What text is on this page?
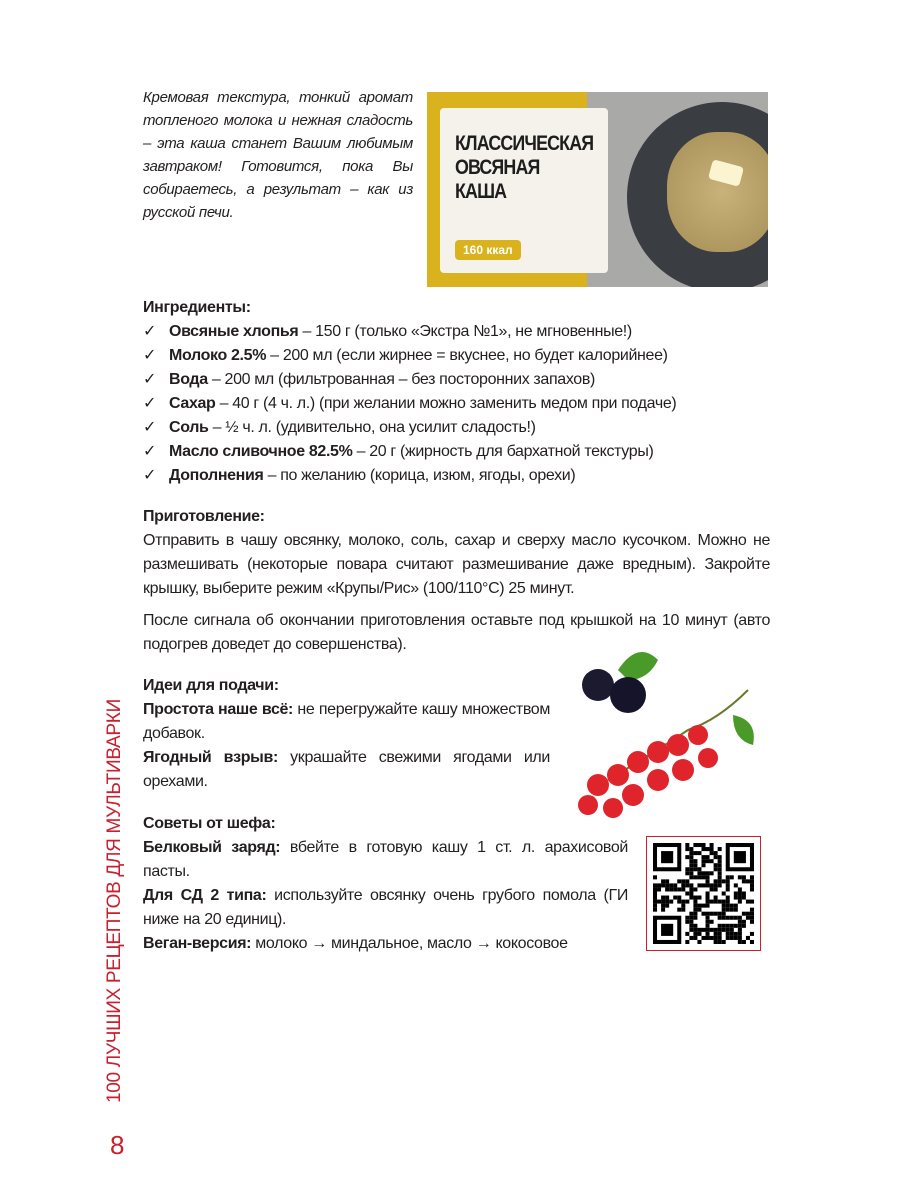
Кремовая текстура, тонкий аромат топленого молока и нежная сладость – эта каша станет Вашим любимым завтраком! Готовится, пока Вы собираетесь, а результат – как из русской печи.
КЛАССИЧЕСКАЯ
ОВСЯНАЯ
КАША
160 ккал
Ингредиенты:
✓ Овсяные хлопья – 150 г (только «Экстра №1», не мгновенные!)
✓ Молоко 2.5% – 200 мл (если жирнее = вкуснее, но будет калорийнее)
✓ Вода – 200 мл (фильтрованная – без посторонних запахов)
✓ Сахар – 40 г (4 ч. л.) (при желании можно заменить медом при подаче)
✓ Соль – ½ ч. л. (удивительно, она усилит сладость!)
✓ Масло сливочное 82.5% – 20 г (жирность для бархатной текстуры)
✓ Дополнения – по желанию (корица, изюм, ягоды, орехи)
Приготовление:

Отправить в чашу овсянку, молоко, соль, сахар и сверху масло кусочком. Можно не размешивать (некоторые повара считают размешивание даже вредным). Закройте крышку, выберите режим «Крупы/Рис» (100/110°С) 25 минут.

После сигнала об окончании приготовления оставьте под крышкой на 10 минут (авто подогрев доведет до совершенства).

Идеи для подачи:

Простота наше всё: не перегружайте кашу множеством добавок.

Ягодный взрыв: украшайте свежими ягодами или орехами.

Советы от шефа:

Белковый заряд: вбейте в готовую кашу 1 ст. л. арахисовой пасты.

Для СД 2 типа: используйте овсянку очень грубого помола (ГИ ниже на 20 единиц).

Веган-версия: молоко → миндальное, масло → кокосовое

100 ЛУЧШИХ РЕЦЕПТОВ ДЛЯ МУЛЬТИВАРКИ
8
